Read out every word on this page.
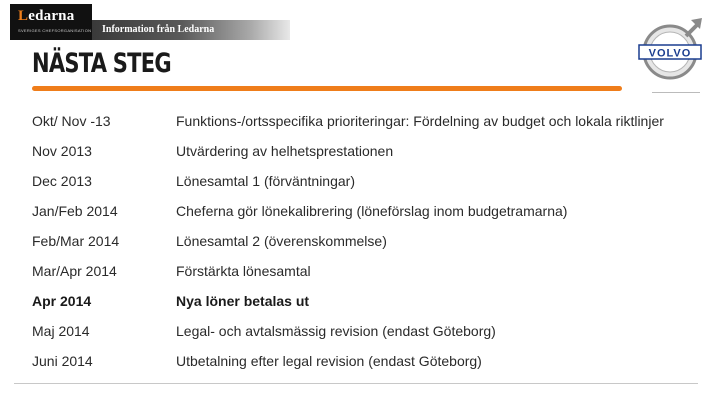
Ledarna
SVERIGES CHEFSORGANISATION Information från Ledarna
NÄSTA STEG	VOLVO
Okt/ Nov -13	Funktions-/ortsspecifika prioriteringar: Fördelning av budget och lokala riktlinjer
Nov 2013	Utvärdering av helhetsprestationen
Dec 2013	Lönesamtal 1 (förväntningar)
Jan/Feb 2014	Cheferna gör lönekalibrering (löneförslag inom budgetramarna)
Feb/Mar 2014	Lönesamtal 2 (överenskommelse)
Mar/Apr 2014	Förstärkta lönesamtal
Apr 2014	Nya löner betalas ut
Maj 2014	Legal- och avtalsmässig revision (endast Göteborg)
Juni 2014	Utbetalning efter legal revision (endast Göteborg)
